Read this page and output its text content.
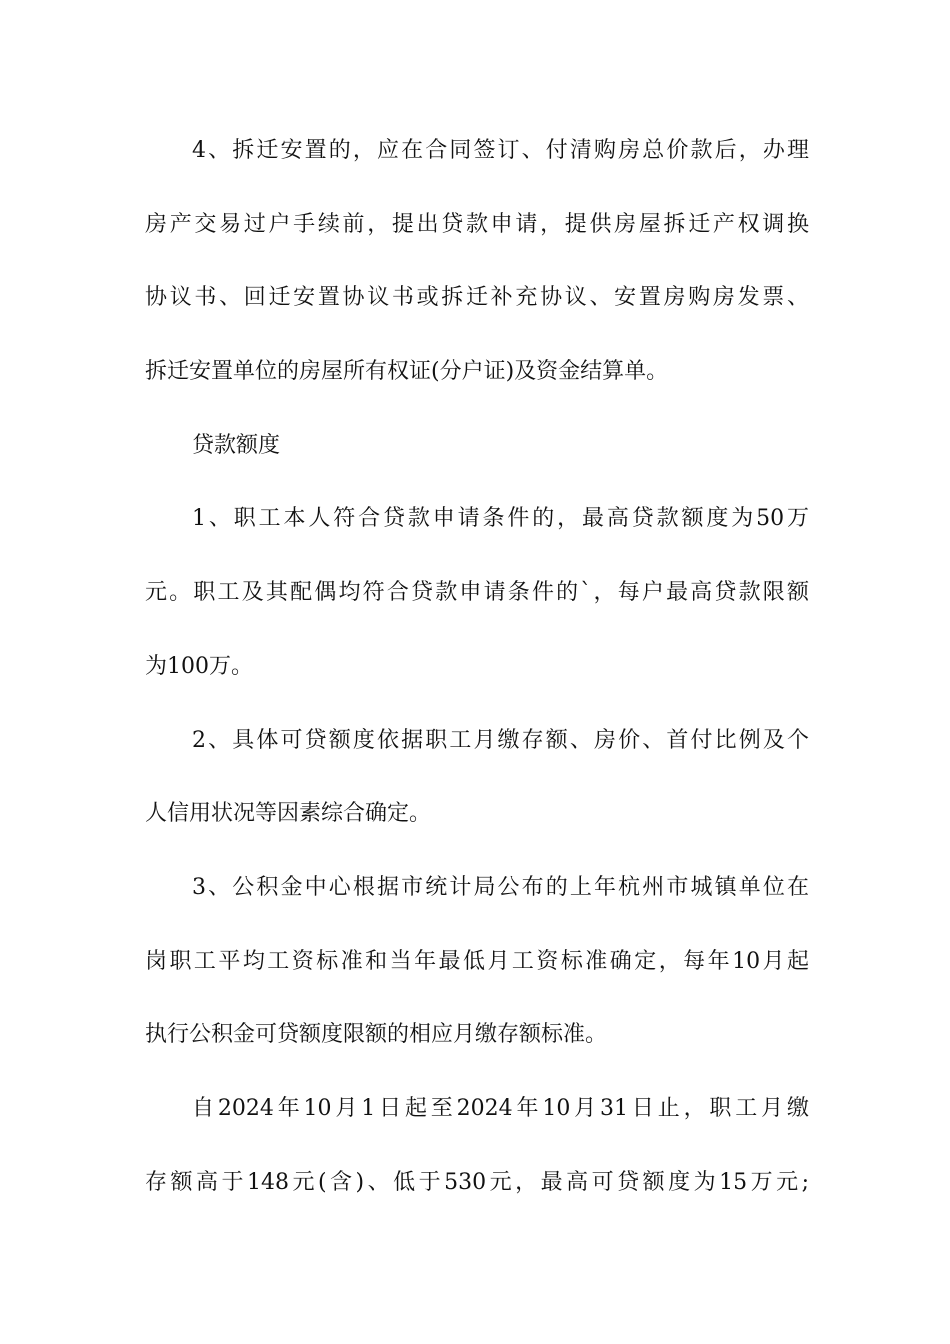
4、拆迁安置的，应在合同签订、付清购房总价款后，办理
房产交易过户手续前，提出贷款申请，提供房屋拆迁产权调换
协议书、回迁安置协议书或拆迁补充协议、安置房购房发票、
拆迁安置单位的房屋所有权证(分户证)及资金结算单。
贷款额度
1、职工本人符合贷款申请条件的，最高贷款额度为50万
元。职工及其配偶均符合贷款申请条件的`，每户最高贷款限额
为100万。
2、具体可贷额度依据职工月缴存额、房价、首付比例及个
人信用状况等因素综合确定。
3、公积金中心根据市统计局公布的上年杭州市城镇单位在
岗职工平均工资标准和当年最低月工资标准确定，每年10月起
执行公积金可贷额度限额的相应月缴存额标准。
自2024年10月1日起至2024年10月31日止，职工月缴
存额高于148元(含)、低于530元，最高可贷额度为15万元;
